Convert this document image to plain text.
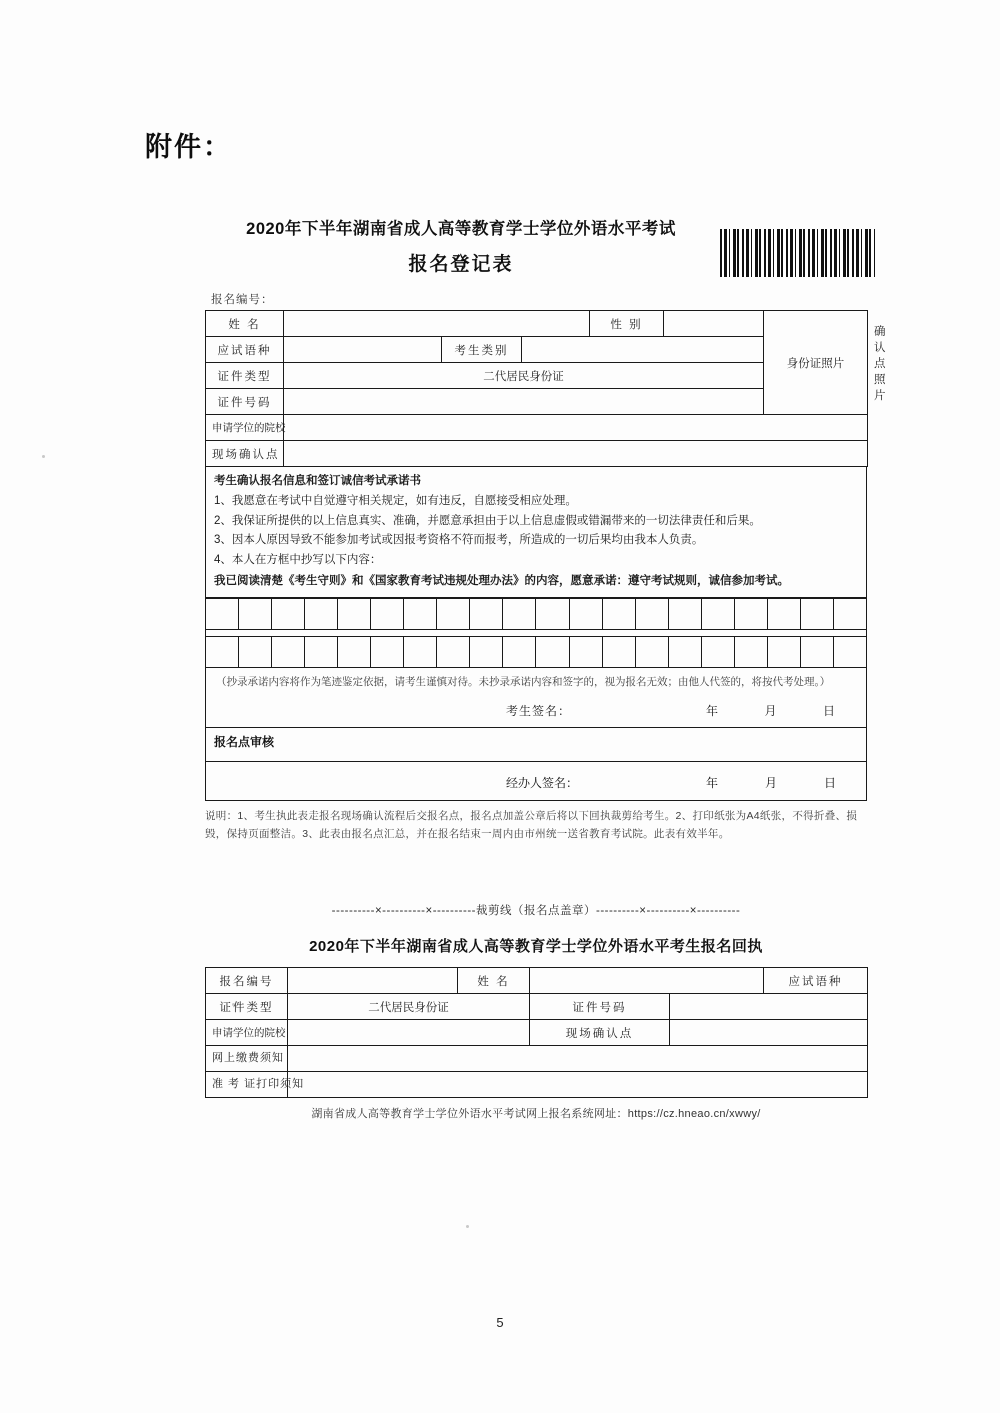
附件：
2020年下半年湖南省成人高等教育学士学位外语水平考试
报名登记表
报名编号：
姓 名				性 别		身份证照片	确认点照片
应试语种		考生类别					
证件类型	二代居民身份证						
证件号码							
申请学位的院校							
现场确认点							

考生确认报名信息和签订诚信考试承诺书

1、我愿意在考试中自觉遵守相关规定，如有违反，自愿接受相应处理。

2、我保证所提供的以上信息真实、准确，并愿意承担由于以上信息虚假或错漏带来的一切法律责任和后果。

3、因本人原因导致不能参加考试或因报考资格不符而报考，所造成的一切后果均由我本人负责。

4、本人在方框中抄写以下内容：

我已阅读清楚《考生守则》和《国家教育考试违规处理办法》的内容，愿意承诺：遵守考试规则，诚信参加考试。

（抄录承诺内容将作为笔迹鉴定依据，请考生谨慎对待。未抄录承诺内容和签字的，视为报名无效；由他人代签的，将按代考处理。）
考生签名：	年	月	日
报名点审核
经办人签名：	年	月	日
说明：1、考生执此表走报名现场确认流程后交报名点，报名点加盖公章后将以下回执裁剪给考生。2、打印纸张为A4纸张，不得折叠、损毁，保持页面整洁。3、此表由报名点汇总，并在报名结束一周内由市州统一送省教育考试院。此表有效半年。
----------×----------×----------裁剪线（报名点盖章）----------×----------×----------
2020年下半年湖南省成人高等教育学士学位外语水平考生报名回执
报名编号		姓 名			应试语种
证件类型	二代居民身份证		证件号码		
申请学位的院校			现场确认点		
网上缴费须知					
准 考 证打印须知					
湖南省成人高等教育学士学位外语水平考试网上报名系统网址：https://cz.hneao.cn/xwwy/
5
